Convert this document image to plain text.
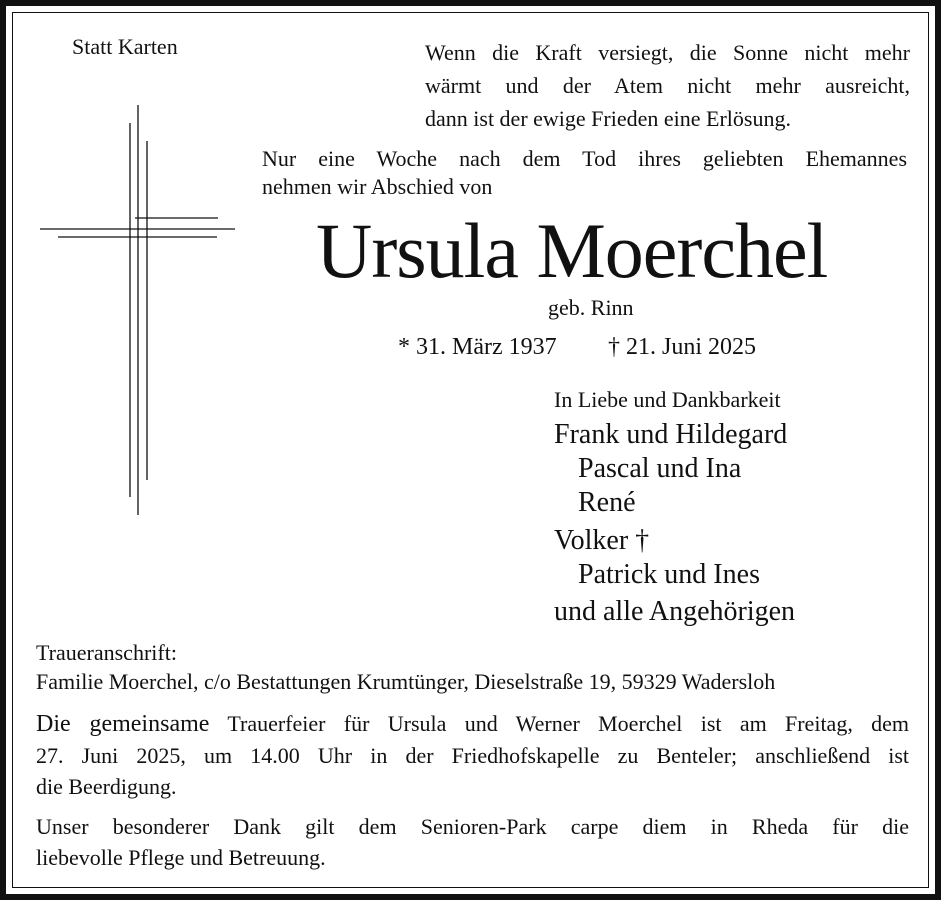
Statt Karten	Wenn die Kraft versiegt, die Sonne nicht mehr
wärmt und der Atem nicht mehr ausreicht,
dann ist der ewige Frieden eine Erlösung.
Nur eine Woche nach dem Tod ihres geliebten Ehemannes
nehmen wir Abschied von
Ursula Moerchel
geb. Rinn
* 31. März 1937 † 21. Juni 2025
In Liebe und Dankbarkeit
Frank und Hildegard
Pascal und Ina
René
Volker †
Patrick und Ines
und alle Angehörigen
Traueranschrift:
Familie Moerchel, c/o Bestattungen Krumtünger, Dieselstraße 19, 59329 Wadersloh
Die gemeinsame Trauerfeier für Ursula und Werner Moerchel ist am Freitag, dem
27. Juni 2025, um 14.00 Uhr in der Friedhofskapelle zu Benteler; anschließend ist
die Beerdigung.
Unser besonderer Dank gilt dem Senioren-Park carpe diem in Rheda für die
liebevolle Pflege und Betreuung.
